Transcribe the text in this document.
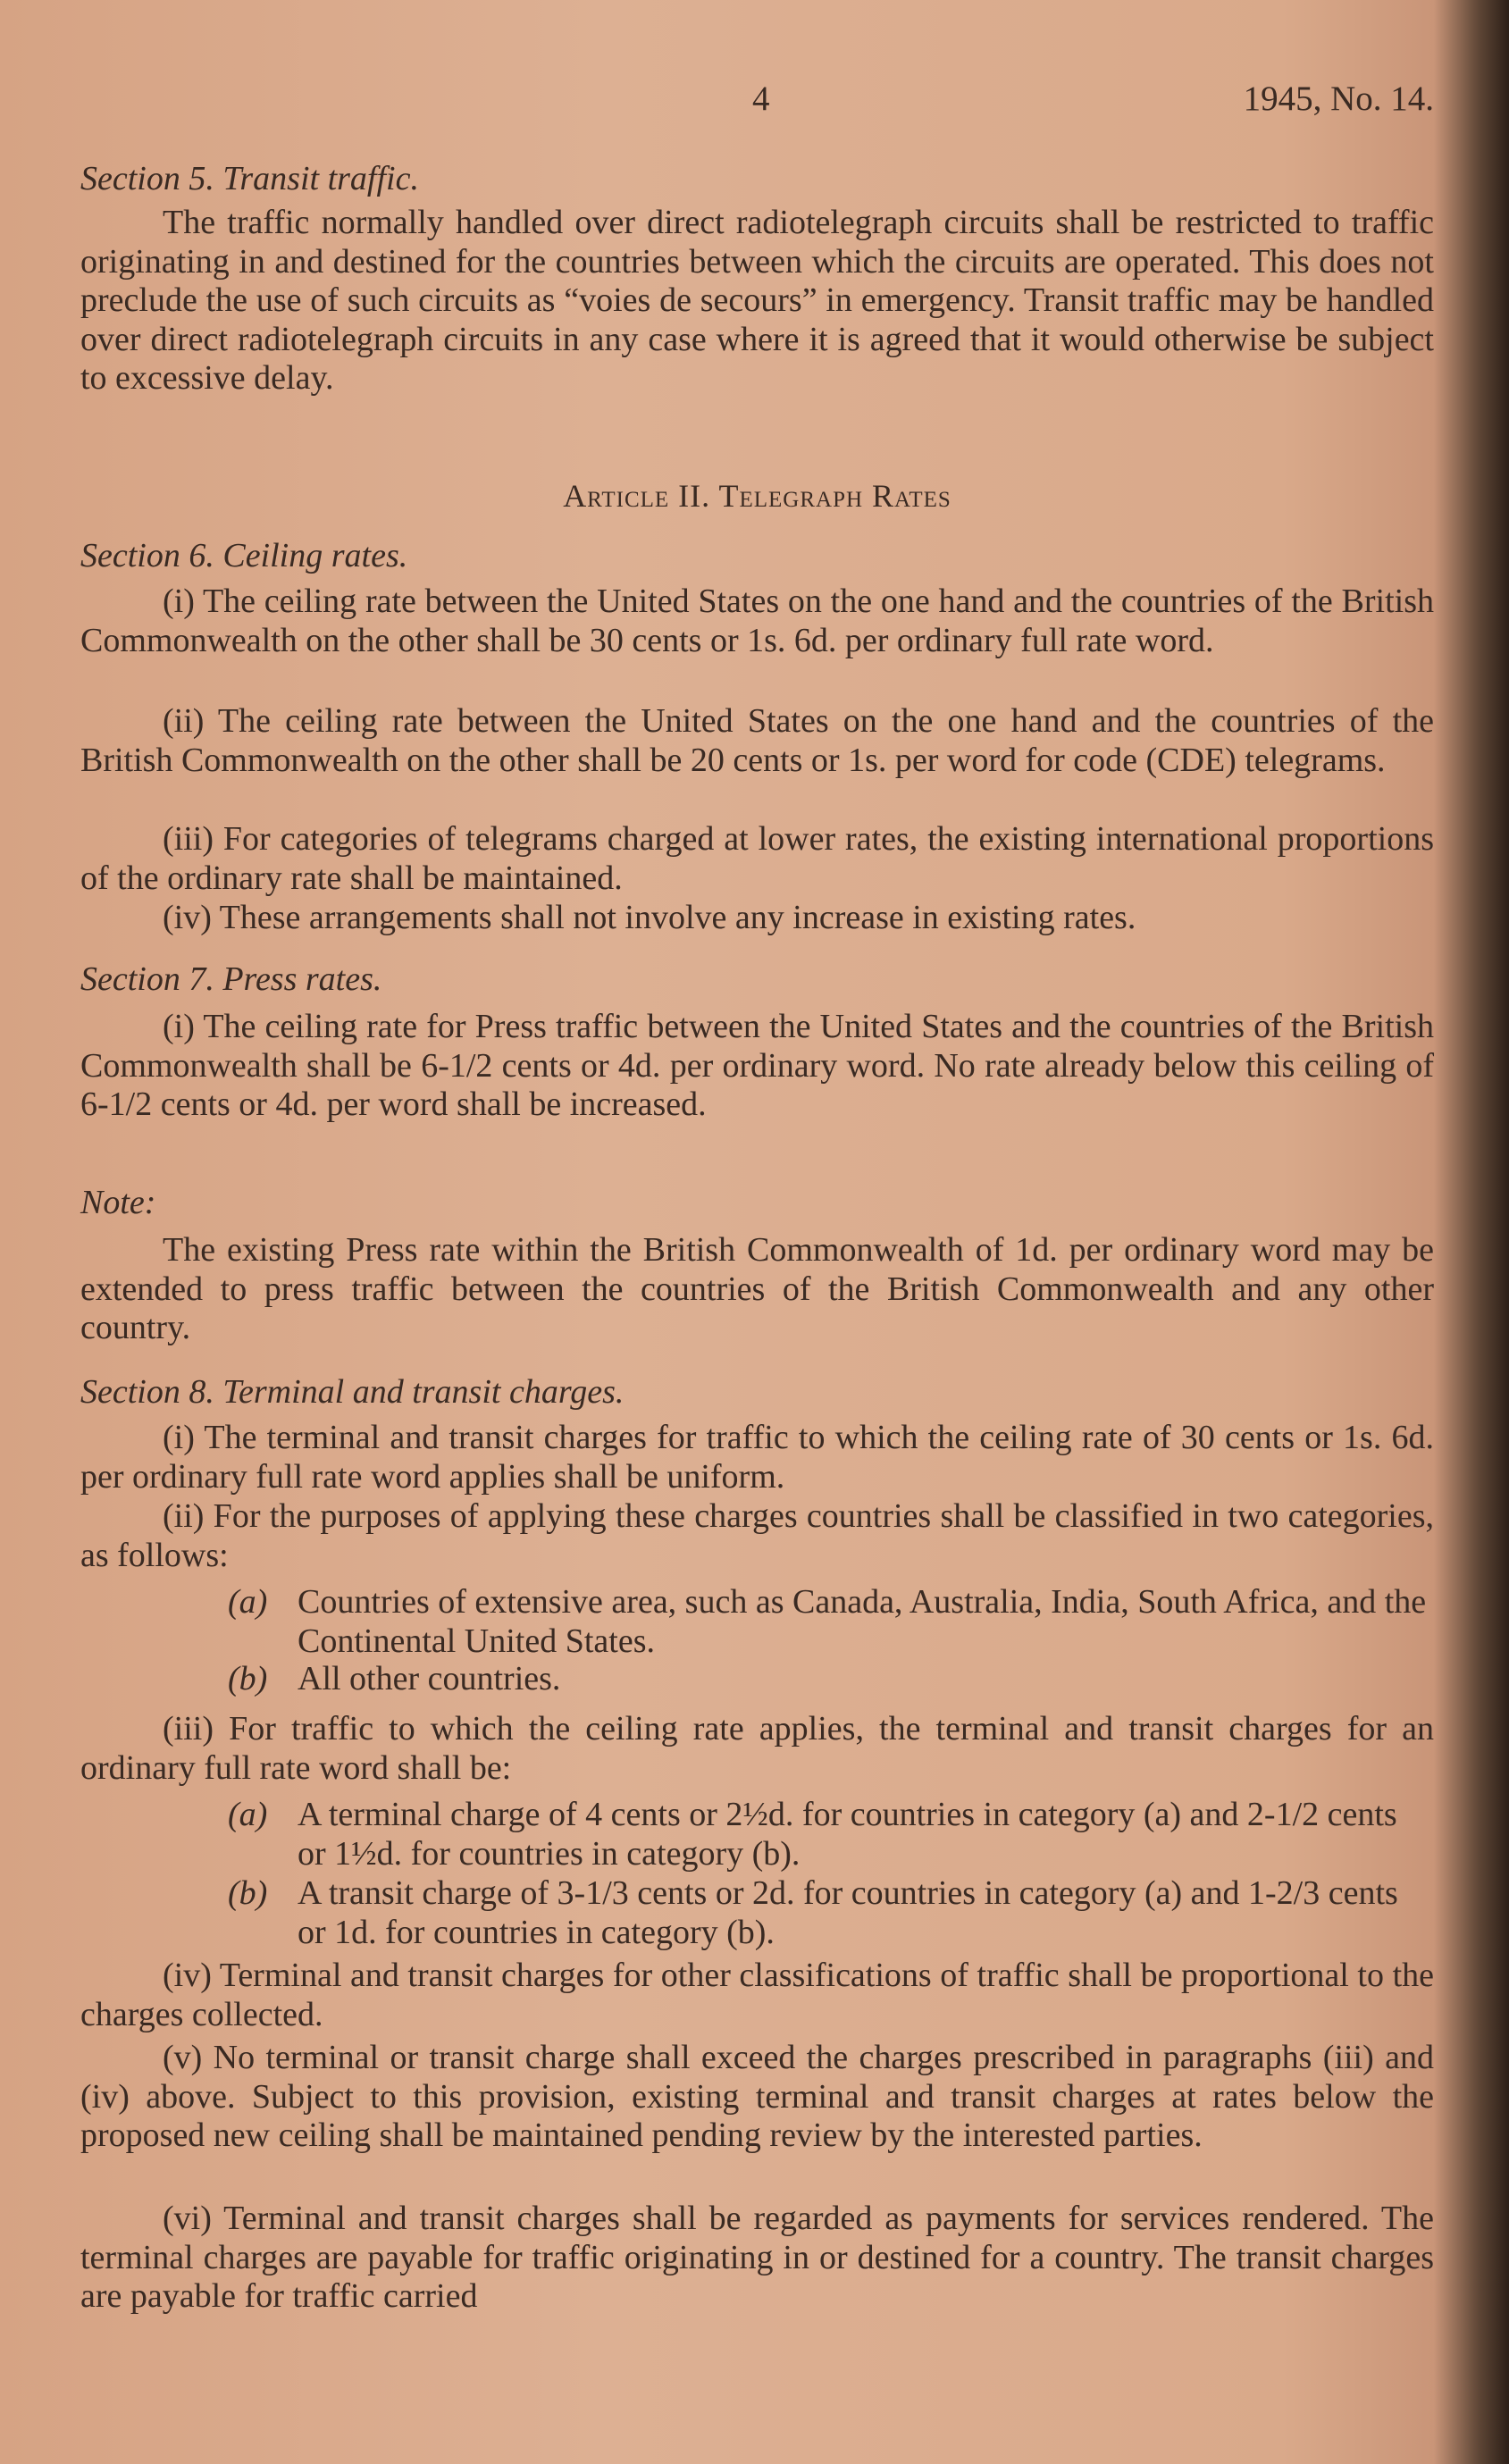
4	1945, No. 14.
Section 5. Transit traffic.
The traffic normally handled over direct radiotelegraph circuits shall be restricted to traffic originating in and destined for the countries between which the circuits are operated. This does not preclude the use of such circuits as “voies de secours” in emergency. Transit traffic may be handled over direct radiotelegraph circuits in any case where it is agreed that it would otherwise be subject to excessive delay.
Article II. Telegraph Rates
Section 6. Ceiling rates.
(i) The ceiling rate between the United States on the one hand and the countries of the British Commonwealth on the other shall be 30 cents or 1s. 6d. per ordinary full rate word.
(ii) The ceiling rate between the United States on the one hand and the countries of the British Commonwealth on the other shall be 20 cents or 1s. per word for code (CDE) telegrams.
(iii) For categories of telegrams charged at lower rates, the existing international proportions of the ordinary rate shall be maintained.
(iv) These arrangements shall not involve any increase in existing rates.
Section 7. Press rates.
(i) The ceiling rate for Press traffic between the United States and the countries of the British Commonwealth shall be 6-1/2 cents or 4d. per ordinary word. No rate already below this ceiling of 6-1/2 cents or 4d. per word shall be increased.
Note:
The existing Press rate within the British Commonwealth of 1d. per ordinary word may be extended to press traffic between the countries of the British Commonwealth and any other country.
Section 8. Terminal and transit charges.
(i) The terminal and transit charges for traffic to which the ceiling rate of 30 cents or 1s. 6d. per ordinary full rate word applies shall be uniform.
(ii) For the purposes of applying these charges countries shall be classified in two categories, as follows:
(a) Countries of extensive area, such as Canada, Australia, India, South Africa, and the Continental United States.
(b) All other countries.
(iii) For traffic to which the ceiling rate applies, the terminal and transit charges for an ordinary full rate word shall be:
(a) A terminal charge of 4 cents or 2½d. for countries in category (a) and 2-1/2 cents or 1½d. for countries in category (b).
(b) A transit charge of 3-1/3 cents or 2d. for countries in category (a) and 1-2/3 cents or 1d. for countries in category (b).
(iv) Terminal and transit charges for other classifications of traffic shall be proportional to the charges collected.
(v) No terminal or transit charge shall exceed the charges prescribed in paragraphs (iii) and (iv) above. Subject to this provision, existing terminal and transit charges at rates below the proposed new ceiling shall be maintained pending review by the interested parties.
(vi) Terminal and transit charges shall be regarded as payments for services rendered. The terminal charges are payable for traffic originating in or destined for a country. The transit charges are payable for traffic carried
